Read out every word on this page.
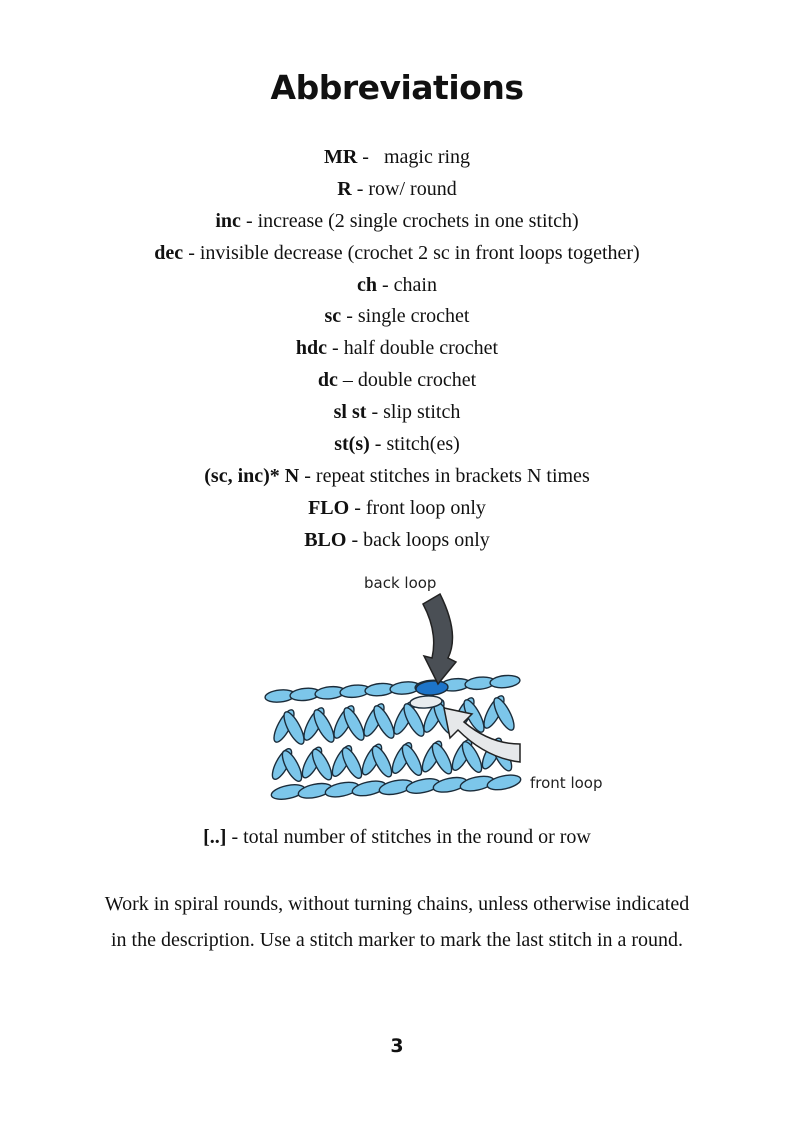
Abbreviations
MR -   magic ring
R - row/ round
inc - increase (2 single crochets in one stitch)
dec - invisible decrease (crochet 2 sc in front loops together)
ch - chain
sc - single crochet
hdc - half double crochet
dc – double crochet
sl st - slip stitch
st(s) - stitch(es)
(sc, inc)* N - repeat stitches in brackets N times
FLO - front loop only
BLO - back loops only
back loop
front loop
[..] - total number of stitches in the round or row
Work in spiral rounds, without turning chains, unless otherwise indicated in the description. Use a stitch marker to mark the last stitch in a round.
3
